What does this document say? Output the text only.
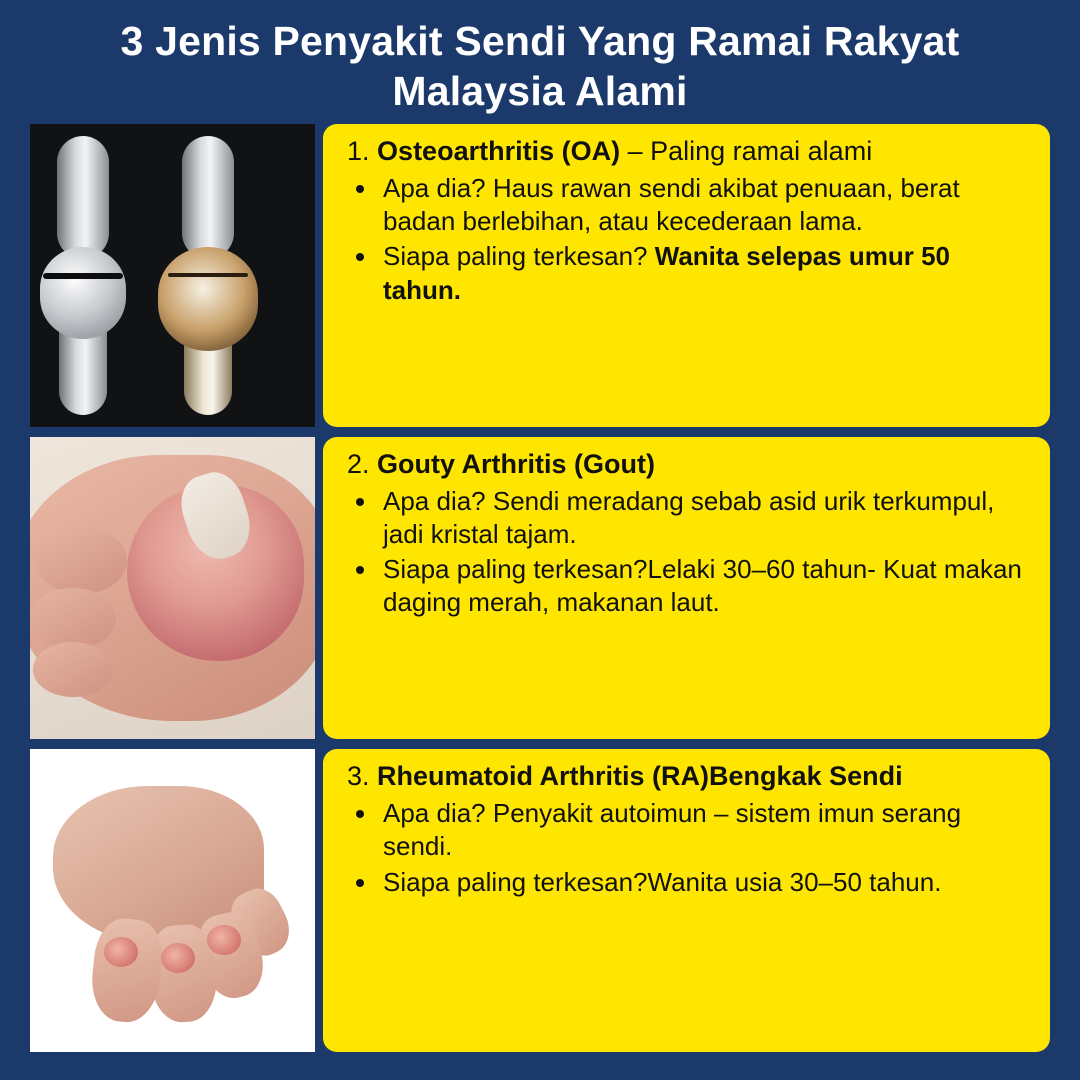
3 Jenis Penyakit Sendi Yang Ramai Rakyat Malaysia Alami
1. Osteoarthritis (OA) – Paling ramai alami
• Apa dia? Haus rawan sendi akibat penuaan, berat badan berlebihan, atau kecederaan lama.
• Siapa paling terkesan? Wanita selepas umur 50 tahun.
2. Gouty Arthritis (Gout)
• Apa dia? Sendi meradang sebab asid urik terkumpul, jadi kristal tajam.
• Siapa paling terkesan?Lelaki 30–60 tahun- Kuat makan daging merah, makanan laut.
3. Rheumatoid Arthritis (RA)Bengkak Sendi
• Apa dia? Penyakit autoimun – sistem imun serang sendi.
• Siapa paling terkesan?Wanita usia 30–50 tahun.
